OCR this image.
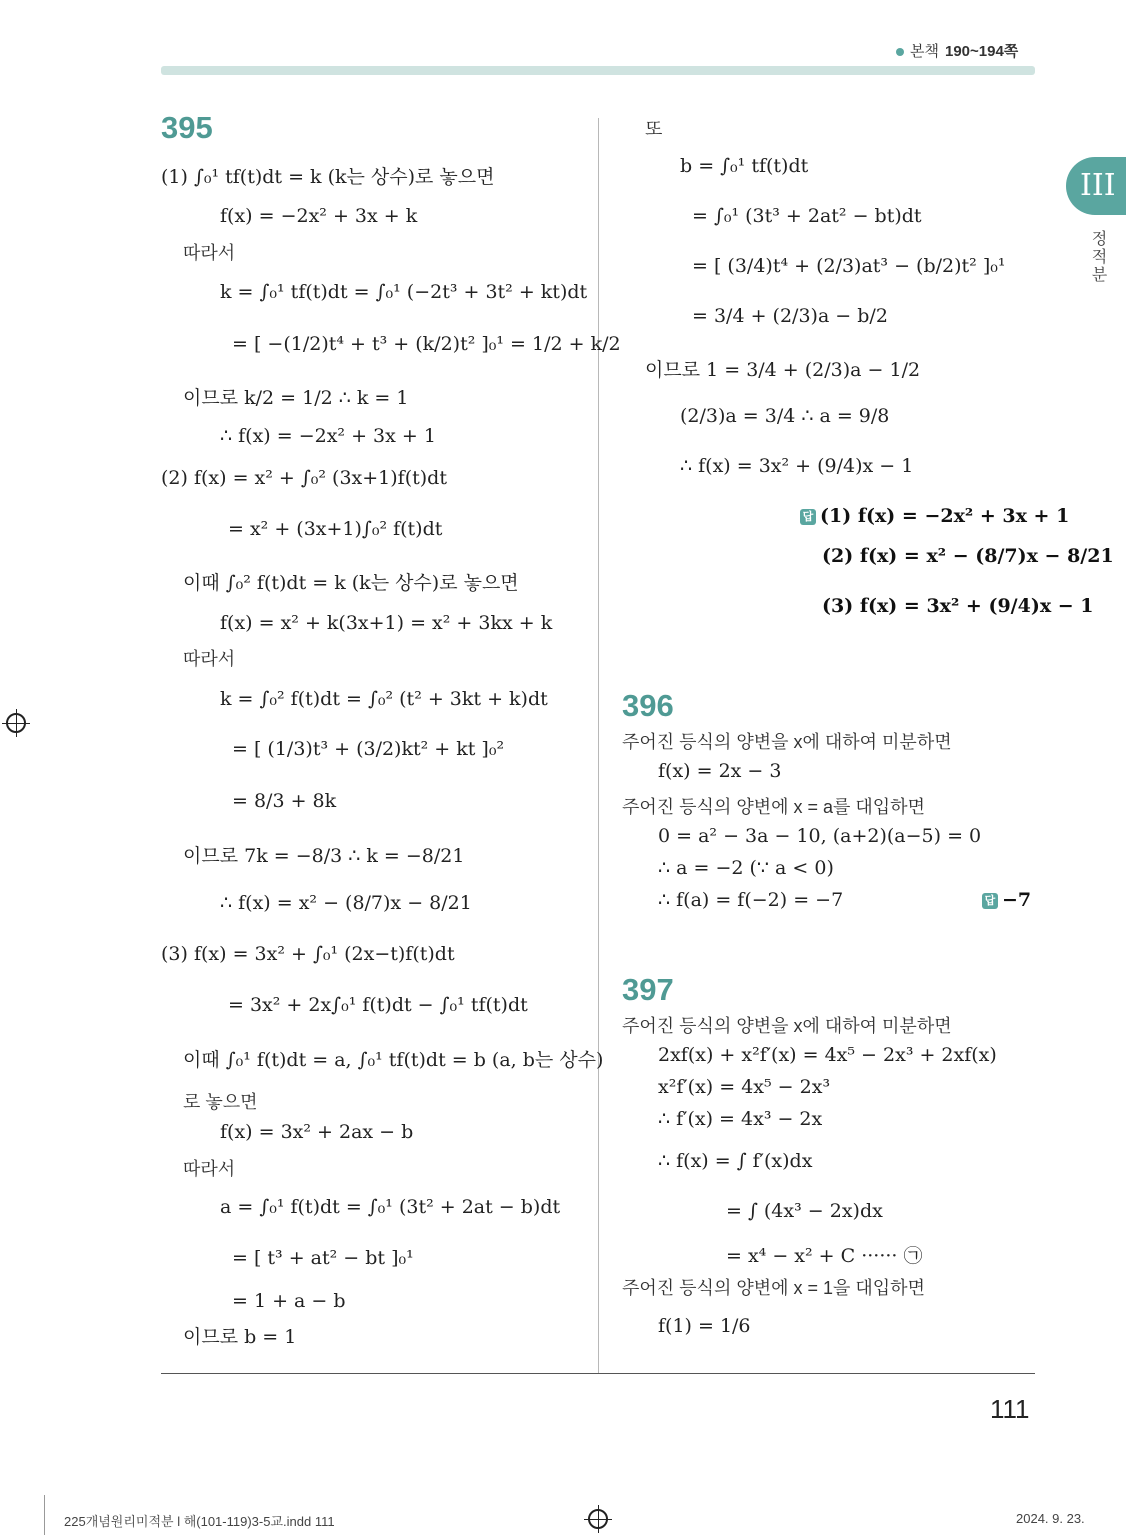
본책 190~194쪽
III
정적분
395
(1) ∫₀¹ tf(t)dt = k (k는 상수)로 놓으면
f(x) = −2x² + 3x + k
따라서
k = ∫₀¹ tf(t)dt = ∫₀¹ (−2t³ + 3t² + kt)dt
= [ −(1/2)t⁴ + t³ + (k/2)t² ]₀¹ = 1/2 + k/2
이므로 k/2 = 1/2 ∴ k = 1
∴ f(x) = −2x² + 3x + 1
(2) f(x) = x² + ∫₀² (3x+1)f(t)dt
= x² + (3x+1)∫₀² f(t)dt
이때 ∫₀² f(t)dt = k (k는 상수)로 놓으면
f(x) = x² + k(3x+1) = x² + 3kx + k
따라서
k = ∫₀² f(t)dt = ∫₀² (t² + 3kt + k)dt
= [ (1/3)t³ + (3/2)kt² + kt ]₀²
= 8/3 + 8k
이므로 7k = −8/3 ∴ k = −8/21
∴ f(x) = x² − (8/7)x − 8/21
(3) f(x) = 3x² + ∫₀¹ (2x−t)f(t)dt
= 3x² + 2x∫₀¹ f(t)dt − ∫₀¹ tf(t)dt
이때 ∫₀¹ f(t)dt = a, ∫₀¹ tf(t)dt = b (a, b는 상수)
로 놓으면
f(x) = 3x² + 2ax − b
따라서
a = ∫₀¹ f(t)dt = ∫₀¹ (3t² + 2at − b)dt
= [ t³ + at² − bt ]₀¹
= 1 + a − b
이므로 b = 1
또
b = ∫₀¹ tf(t)dt
= ∫₀¹ (3t³ + 2at² − bt)dt
= [ (3/4)t⁴ + (2/3)at³ − (b/2)t² ]₀¹
= 3/4 + (2/3)a − b/2
이므로 1 = 3/4 + (2/3)a − 1/2
(2/3)a = 3/4 ∴ a = 9/8
∴ f(x) = 3x² + (9/4)x − 1
답 (1) f(x) = −2x² + 3x + 1
(2) f(x) = x² − (8/7)x − 8/21
(3) f(x) = 3x² + (9/4)x − 1
396
주어진 등식의 양변을 x에 대하여 미분하면
f(x) = 2x − 3
주어진 등식의 양변에 x = a를 대입하면
0 = a² − 3a − 10, (a+2)(a−5) = 0
∴ a = −2 (∵ a < 0)
∴ f(a) = f(−2) = −7	답 −7
397
주어진 등식의 양변을 x에 대하여 미분하면
2xf(x) + x²f′(x) = 4x⁵ − 2x³ + 2xf(x)
x²f′(x) = 4x⁵ − 2x³
∴ f′(x) = 4x³ − 2x
∴ f(x) = ∫ f′(x)dx
= ∫ (4x³ − 2x)dx
= x⁴ − x² + C ······ ㉠
주어진 등식의 양변에 x = 1을 대입하면
f(1) = 1/6
111
225개념원리미적분 l 해(101-119)3-5교.indd 111	2024. 9. 23.
